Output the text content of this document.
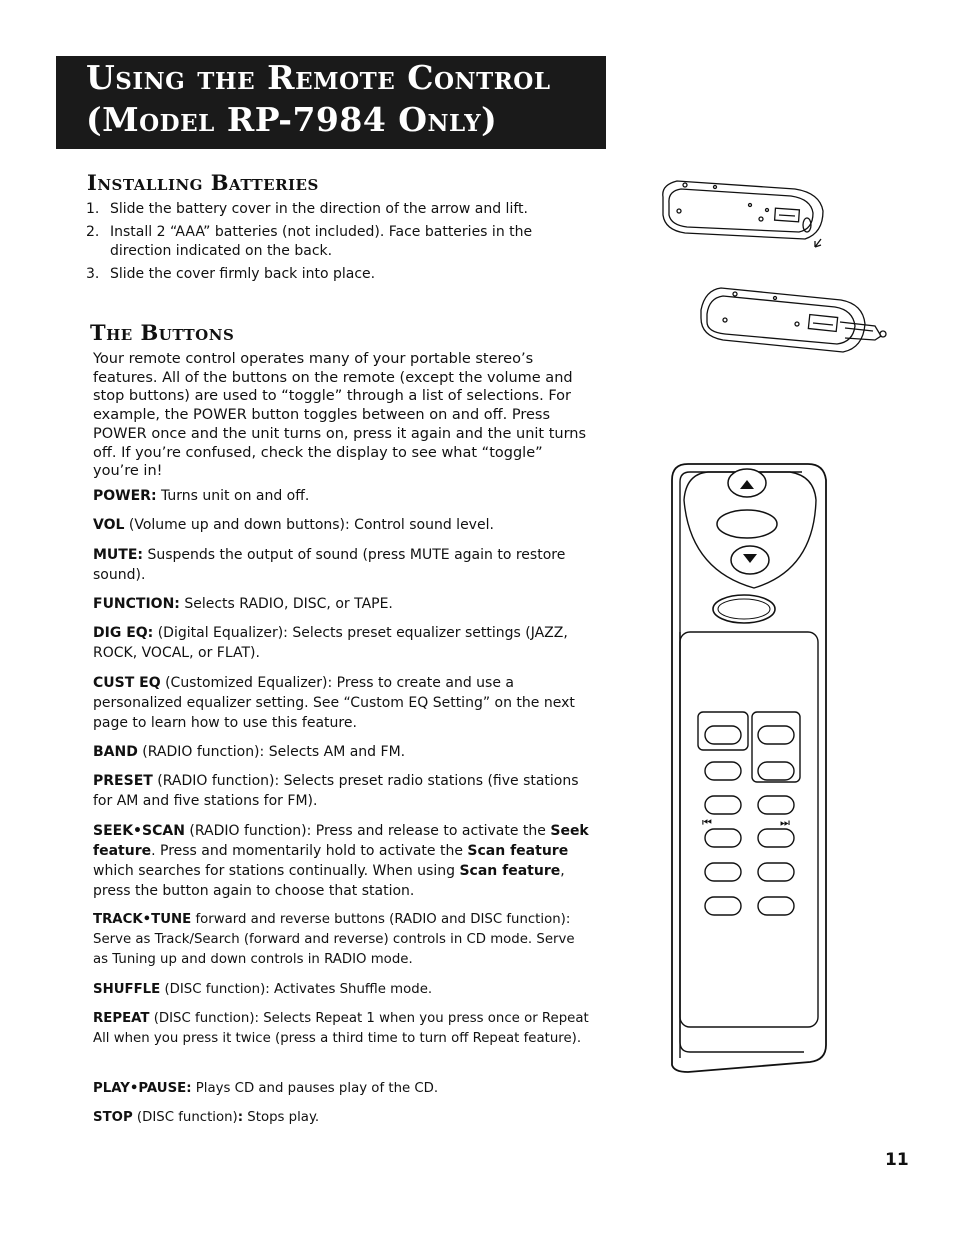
Using the Remote Control
(Model RP-7984 Only)
Installing Batteries
1. Slide the battery cover in the direction of the arrow and lift.
2. Install 2 “AAA” batteries (not included). Face batteries in the direction indicated on the back.
3. Slide the cover firmly back into place.
The Buttons

Your remote control operates many of your portable stereo’s features. All of the buttons on the remote (except the volume and stop buttons) are used to “toggle” through a list of selections. For example, the POWER button toggles between on and off. Press POWER once and the unit turns on, press it again and the unit turns off. If you’re confused, check the display to see what “toggle” you’re in!

POWER: Turns unit on and off.

VOL (Volume up and down buttons): Control sound level.

MUTE: Suspends the output of sound (press MUTE again to restore sound).

FUNCTION: Selects RADIO, DISC, or TAPE.

DIG EQ: (Digital Equalizer): Selects preset equalizer settings (JAZZ, ROCK, VOCAL, or FLAT).

CUST EQ (Customized Equalizer): Press to create and use a personalized equalizer setting. See “Custom EQ Setting” on the next page to learn how to use this feature.

BAND (RADIO function): Selects AM and FM.

PRESET (RADIO function): Selects preset radio stations (five stations for AM and five stations for FM).

SEEK•SCAN (RADIO function): Press and release to activate the Seek feature. Press and momentarily hold to activate the Scan feature which searches for stations continually. When using Scan feature, press the button again to choose that station.

TRACK•TUNE forward and reverse buttons (RADIO and DISC function): Serve as Track/Search (forward and reverse) controls in CD mode. Serve as Tuning up and down controls in RADIO mode.

SHUFFLE (DISC function): Activates Shuffle mode.

REPEAT (DISC function): Selects Repeat 1 when you press once or Repeat All when you press it twice (press a third time to turn off Repeat feature).

PLAY•PAUSE: Plays CD and pauses play of the CD.

STOP (DISC function): Stops play.

11
⏮	⏭
